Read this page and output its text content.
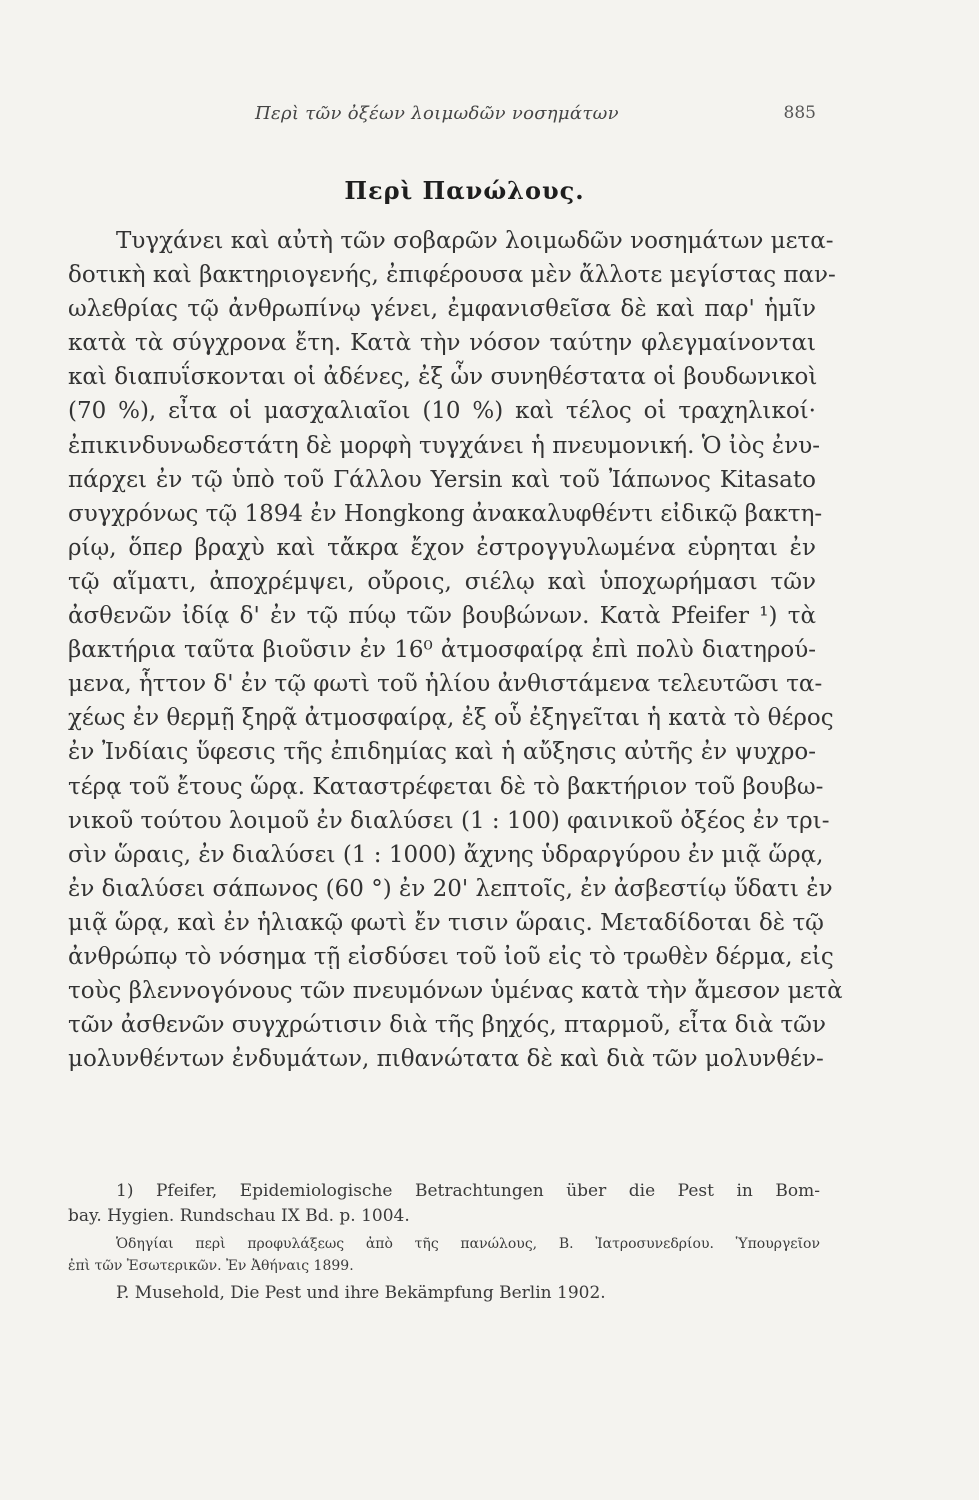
Περὶ τῶν ὀξέων λοιμωδῶν νοσημάτων	885
Περὶ Πανώλους.
Τυγχάνει καὶ αὐτὴ τῶν σοβαρῶν λοιμωδῶν νοσημάτων μετα-
δοτικὴ καὶ βακτηριογενής, ἐπιφέρουσα μὲν ἄλλοτε μεγίστας παν-
ωλεθρίας τῷ ἀνθρωπίνῳ γένει, ἐμφανισθεῖσα δὲ καὶ παρ' ἡμῖν
κατὰ τὰ σύγχρονα ἔτη. Κατὰ τὴν νόσον ταύτην φλεγμαίνονται
καὶ διαπυΐσκονται οἱ ἀδένες, ἐξ ὧν συνηθέστατα οἱ βουδωνικοὶ
(70 %), εἶτα οἱ μασχαλιαῖοι (10 %) καὶ τέλος οἱ τραχηλικοί·
ἐπικινδυνωδεστάτη δὲ μορφὴ τυγχάνει ἡ πνευμονική. Ὁ ἰὸς ἐνυ-
πάρχει ἐν τῷ ὑπὸ τοῦ Γάλλου Yersin καὶ τοῦ Ἰάπωνος Kitasato
συγχρόνως τῷ 1894 ἐν Hongkong ἀνακαλυφθέντι εἰδικῷ βακτη-
ρίῳ, ὅπερ βραχὺ καὶ τἄκρα ἔχον ἐστρογγυλωμένα εὑρηται ἐν
τῷ αἵματι, ἀποχρέμψει, οὔροις, σιέλῳ καὶ ὑποχωρήμασι τῶν
ἀσθενῶν ἰδίᾳ δ' ἐν τῷ πύῳ τῶν βουβώνων. Κατὰ Pfeifer ¹) τὰ
βακτήρια ταῦτα βιοῦσιν ἐν 16⁰ ἀτμοσφαίρᾳ ἐπὶ πολὺ διατηρού-
μενα, ἧττον δ' ἐν τῷ φωτὶ τοῦ ἡλίου ἀνθιστάμενα τελευτῶσι τα-
χέως ἐν θερμῇ ξηρᾷ ἀτμοσφαίρᾳ, ἐξ οὗ ἐξηγεῖται ἡ κατὰ τὸ θέρος
ἐν Ἰνδίαις ὕφεσις τῆς ἐπιδημίας καὶ ἡ αὔξησις αὐτῆς ἐν ψυχρο-
τέρᾳ τοῦ ἔτους ὥρᾳ. Καταστρέφεται δὲ τὸ βακτήριον τοῦ βουβω-
νικοῦ τούτου λοιμοῦ ἐν διαλύσει (1 : 100) φαινικοῦ ὀξέος ἐν τρι-
σὶν ὥραις, ἐν διαλύσει (1 : 1000) ἄχνης ὑδραργύρου ἐν μιᾷ ὥρᾳ,
ἐν διαλύσει σάπωνος (60 °) ἐν 20' λεπτοῖς, ἐν ἀσβεστίῳ ὕδατι ἐν
μιᾷ ὥρᾳ, καὶ ἐν ἡλιακῷ φωτὶ ἔν τισιν ὥραις. Μεταδίδοται δὲ τῷ
ἀνθρώπῳ τὸ νόσημα τῇ εἰσδύσει τοῦ ἰοῦ εἰς τὸ τρωθὲν δέρμα, εἰς
τοὺς βλεννογόνους τῶν πνευμόνων ὑμένας κατὰ τὴν ἄμεσον μετὰ
τῶν ἀσθενῶν συγχρώτισιν διὰ τῆς βηχός, πταρμοῦ, εἶτα διὰ τῶν
μολυνθέντων ἐνδυμάτων, πιθανώτατα δὲ καὶ διὰ τῶν μολυνθέν-
1) Pfeifer, Epidemiologische Betrachtungen über die Pest in Bom-
bay. Hygien. Rundschau IX Bd. p. 1004.
Ὁδηγίαι περὶ προφυλάξεως ἀπὸ τῆς πανώλους, Β. Ἰατροσυνεδρίου. Ὑπουργεῖον
ἐπὶ τῶν Ἐσωτερικῶν. Ἐν Ἀθήναις 1899.
P. Musehold, Die Pest und ihre Bekämpfung Berlin 1902.
